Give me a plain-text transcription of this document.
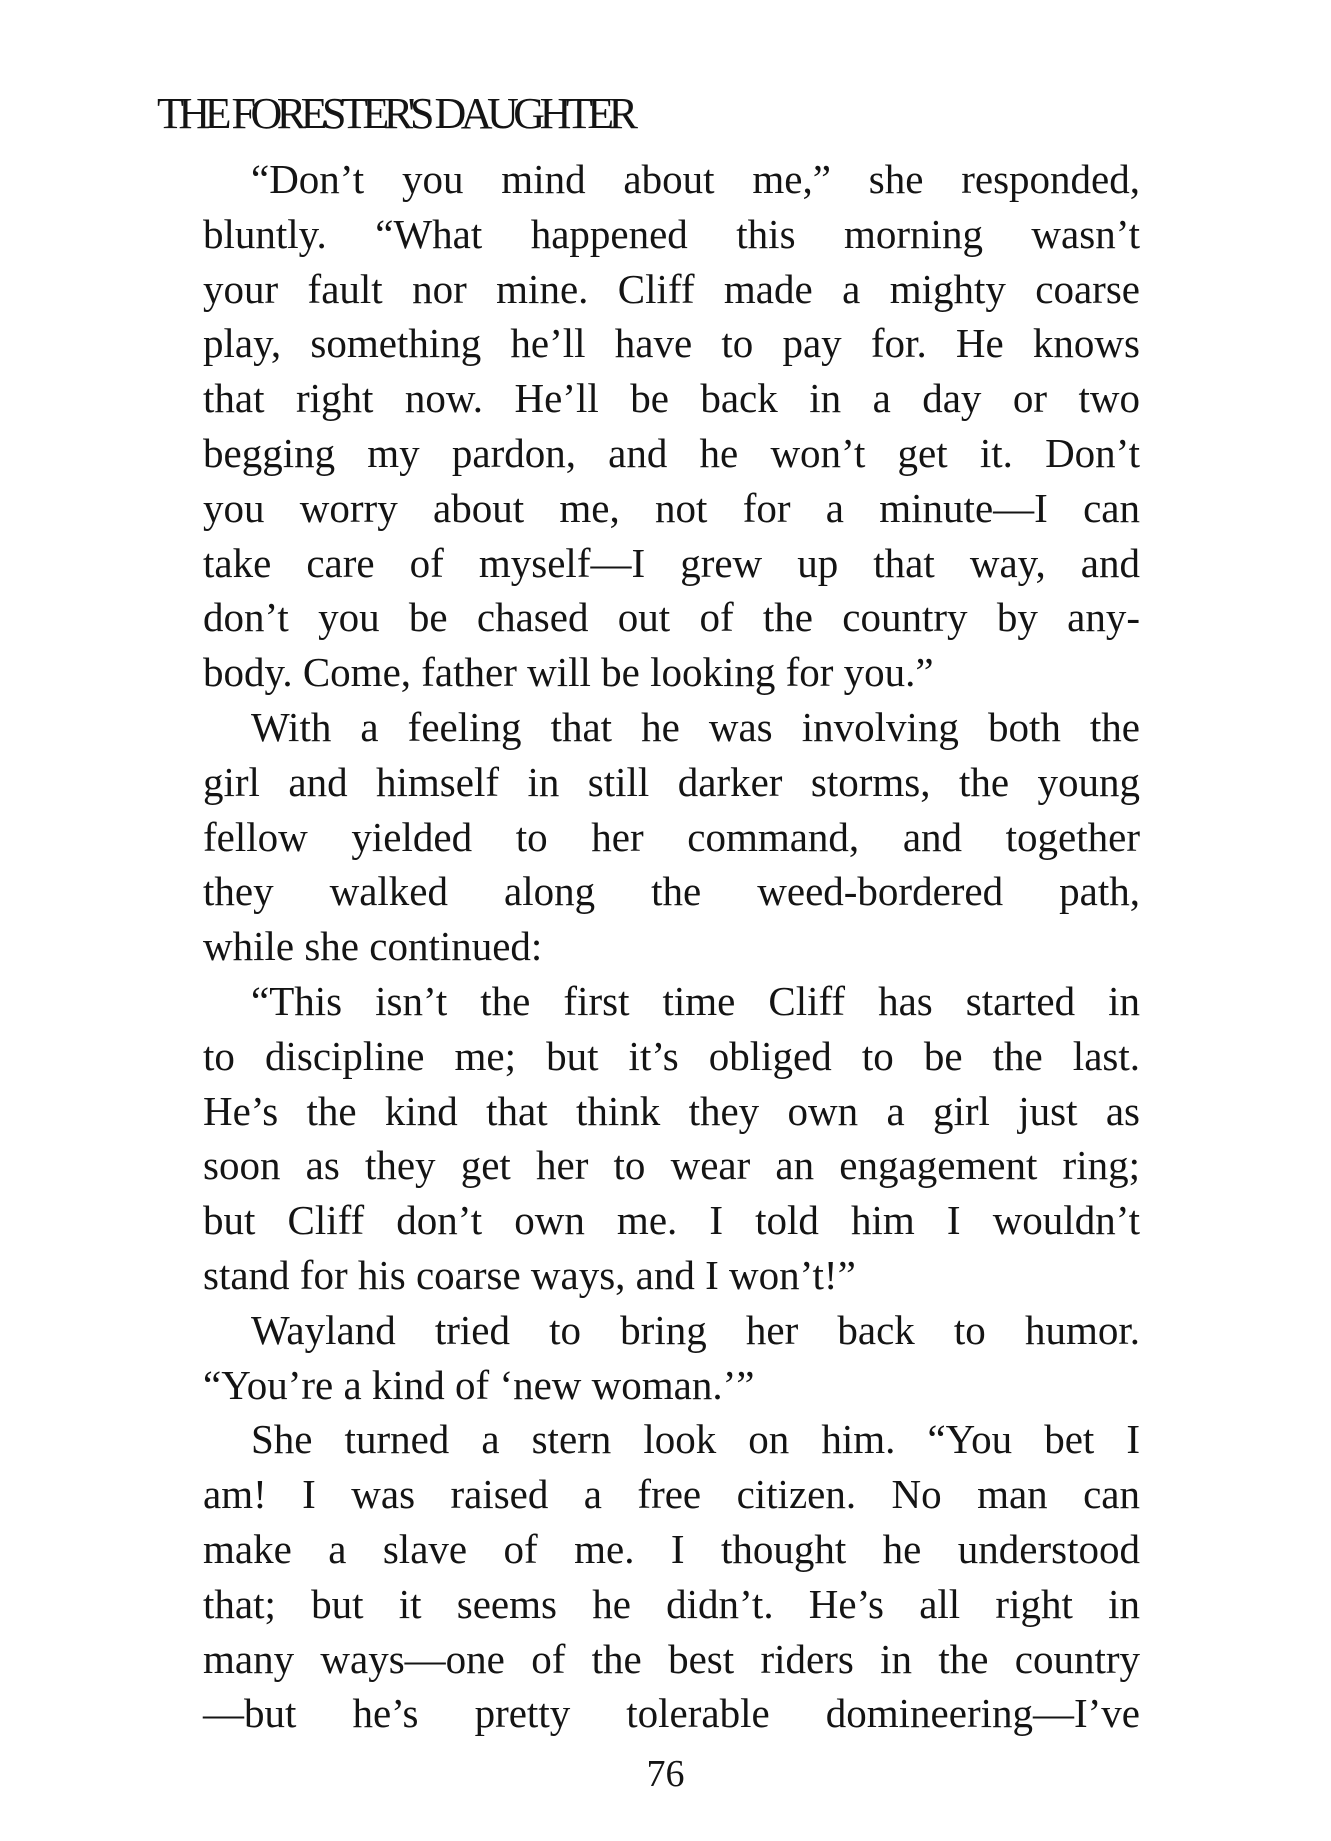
THE FORESTER'S DAUGHTER
“Don’t you mind about me,” she responded,
bluntly. “What happened this morning wasn’t
your fault nor mine. Cliff made a mighty coarse
play, something he’ll have to pay for. He knows
that right now. He’ll be back in a day or two
begging my pardon, and he won’t get it. Don’t
you worry about me, not for a minute—I can
take care of myself—I grew up that way, and
don’t you be chased out of the country by any-
body. Come, father will be looking for you.”
With a feeling that he was involving both the
girl and himself in still darker storms, the young
fellow yielded to her command, and together
they walked along the weed-bordered path,
while she continued:
“This isn’t the first time Cliff has started in
to discipline me; but it’s obliged to be the last.
He’s the kind that think they own a girl just as
soon as they get her to wear an engagement ring;
but Cliff don’t own me. I told him I wouldn’t
stand for his coarse ways, and I won’t!”
Wayland tried to bring her back to humor.
“You’re a kind of ‘new woman.’”
She turned a stern look on him. “You bet I
am! I was raised a free citizen. No man can
make a slave of me. I thought he understood
that; but it seems he didn’t. He’s all right in
many ways—one of the best riders in the country
—but he’s pretty tolerable domineering—I’ve
76
